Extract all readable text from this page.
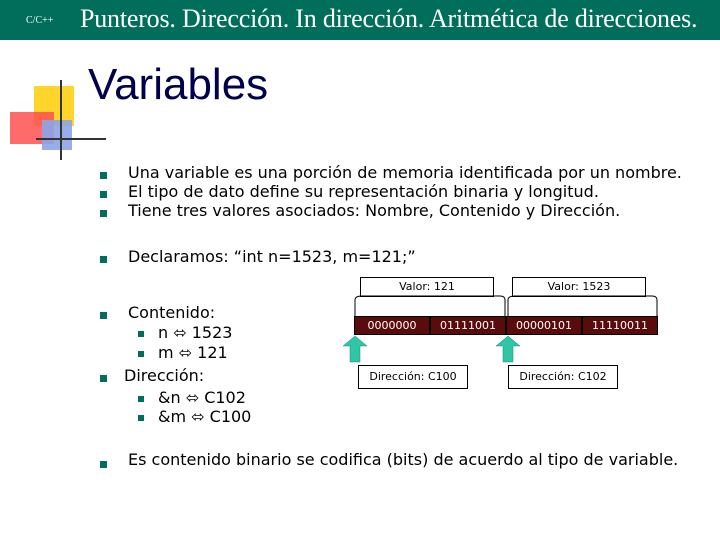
C/C++ Punteros. Dirección. In dirección. Aritmética de direcciones.
Variables
Una variable es una porción de memoria identificada por un nombre.
El tipo de dato define su representación binaria y longitud.
Tiene tres valores asociados: Nombre, Contenido y Dirección.
Declaramos: “int n=1523, m=121;”
Contenido:
n ⬄ 1523
m ⬄ 121
Dirección:
&n ⬄ C102
&m ⬄ C100
Es contenido binario se codifica (bits) de acuerdo al tipo de variable.
Valor: 121	Valor: 1523
0000000	01111001	00000101	11110011
Dirección: C100	Dirección: C102
